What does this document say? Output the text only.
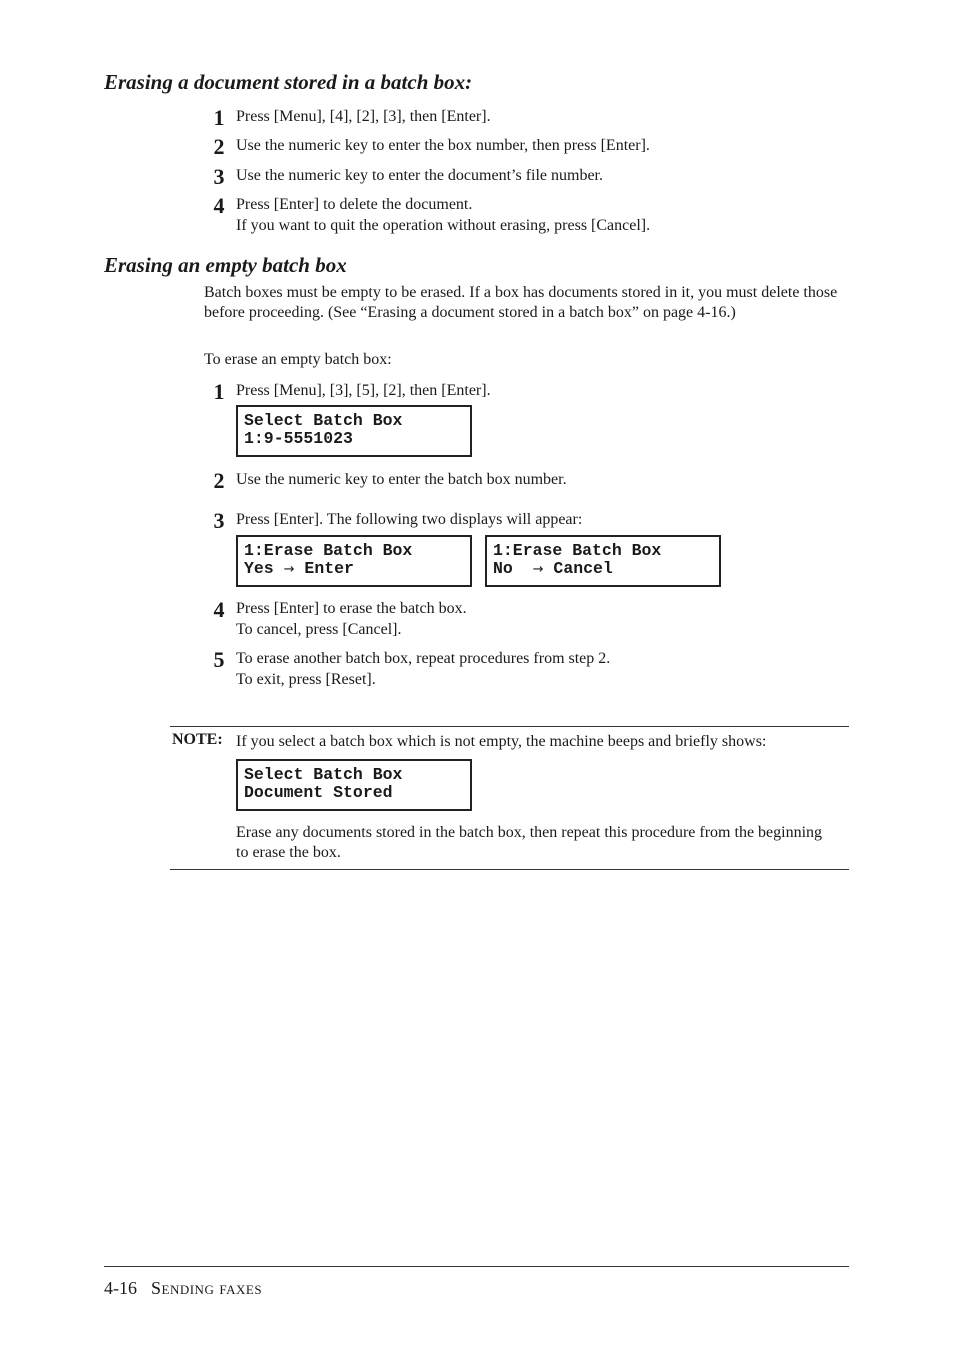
Erasing a document stored in a batch box:
1 Press [Menu], [4], [2], [3], then [Enter].
2 Use the numeric key to enter the box number, then press [Enter].
3 Use the numeric key to enter the document’s file number.
4 Press [Enter] to delete the document.
If you want to quit the operation without erasing, press [Cancel].
Erasing an empty batch box
Batch boxes must be empty to be erased. If a box has documents stored in it, you must delete those before proceeding. (See “Erasing a document stored in a batch box” on page 4-16.)
To erase an empty batch box:
1 Press [Menu], [3], [5], [2], then [Enter].
Select Batch Box
1:9-5551023
2 Use the numeric key to enter the batch box number.
3 Press [Enter]. The following two displays will appear:
1:Erase Batch Box
Yes → Enter
1:Erase Batch Box
No  → Cancel
4 Press [Enter] to erase the batch box.
To cancel, press [Cancel].
5 To erase another batch box, repeat procedures from step 2.
To exit, press [Reset].
NOTE: If you select a batch box which is not empty, the machine beeps and briefly shows:
Select Batch Box
Document Stored
Erase any documents stored in the batch box, then repeat this procedure from the beginning to erase the box.
4-16 Sending faxes
